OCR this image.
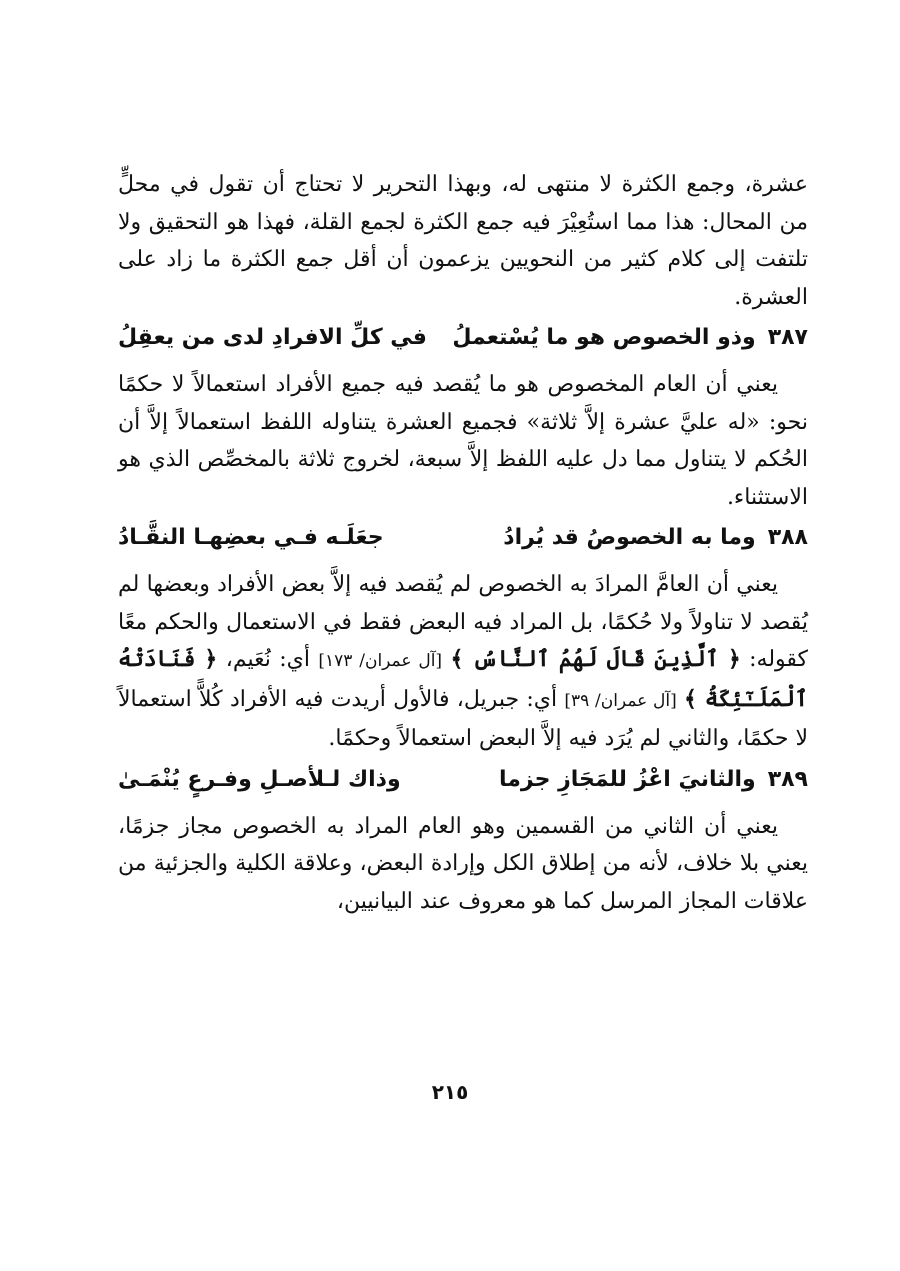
عشرة، وجمع الكثرة لا منتهى له، وبهذا التحرير لا تحتاج أن تقول في محلٍّ من المحال: هذا مما استُعِيْرَ فيه جمع الكثرة لجمع القلة، فهذا هو التحقيق ولا تلتفت إلى كلام كثير من النحويين يزعمون أن أقل جمع الكثرة ما زاد على العشرة.

٣٨٧
وذو الخصوص هو ما يُسْتعملُ
في كلِّ الافرادِ لدى من يعقِلُ

يعني أن العام المخصوص هو ما يُقصد فيه جميع الأفراد استعمالاً لا حكمًا نحو: «له عليَّ عشرة إلاَّ ثلاثة» فجميع العشرة يتناوله اللفظ استعمالاً إلاَّ أن الحُكم لا يتناول مما دل عليه اللفظ إلاَّ سبعة، لخروج ثلاثة بالمخصِّص الذي هو الاستثناء.

٣٨٨
وما به الخصوصُ قد يُرادُ
جعَلَـه فـي بعضِهـا النقَّـادُ

يعني أن العامَّ المرادَ به الخصوص لم يُقصد فيه إلاَّ بعض الأفراد وبعضها لم يُقصد لا تناولاً ولا حُكمًا، بل المراد فيه البعض فقط في الاستعمال والحكم معًا كقوله: ﴿ ٱلَّذِينَ قَالَ لَهُمُ ٱلنَّاسُ ﴾ [آل عمران/ ١٧٣] أي: نُعَيم، ﴿ فَنَادَتْهُ ٱلْمَلَـٰٓئِكَةُ ﴾ [آل عمران/ ٣٩] أي: جبريل، فالأول أريدت فيه الأفراد كُلاًّ استعمالاً لا حكمًا، والثاني لم يُرَد فيه إلاَّ البعض استعمالاً وحكمًا.

٣٨٩
والثانيَ اعْزُ للمَجَازِ جزما
وذاك لـلأصـلِ وفـرعٍ يُنْمَـىٰ

يعني أن الثاني من القسمين وهو العام المراد به الخصوص مجاز جزمًا، يعني بلا خلاف، لأنه من إطلاق الكل وإرادة البعض، وعلاقة الكلية والجزئية من علاقات المجاز المرسل كما هو معروف عند البيانيين،

٢١٥
